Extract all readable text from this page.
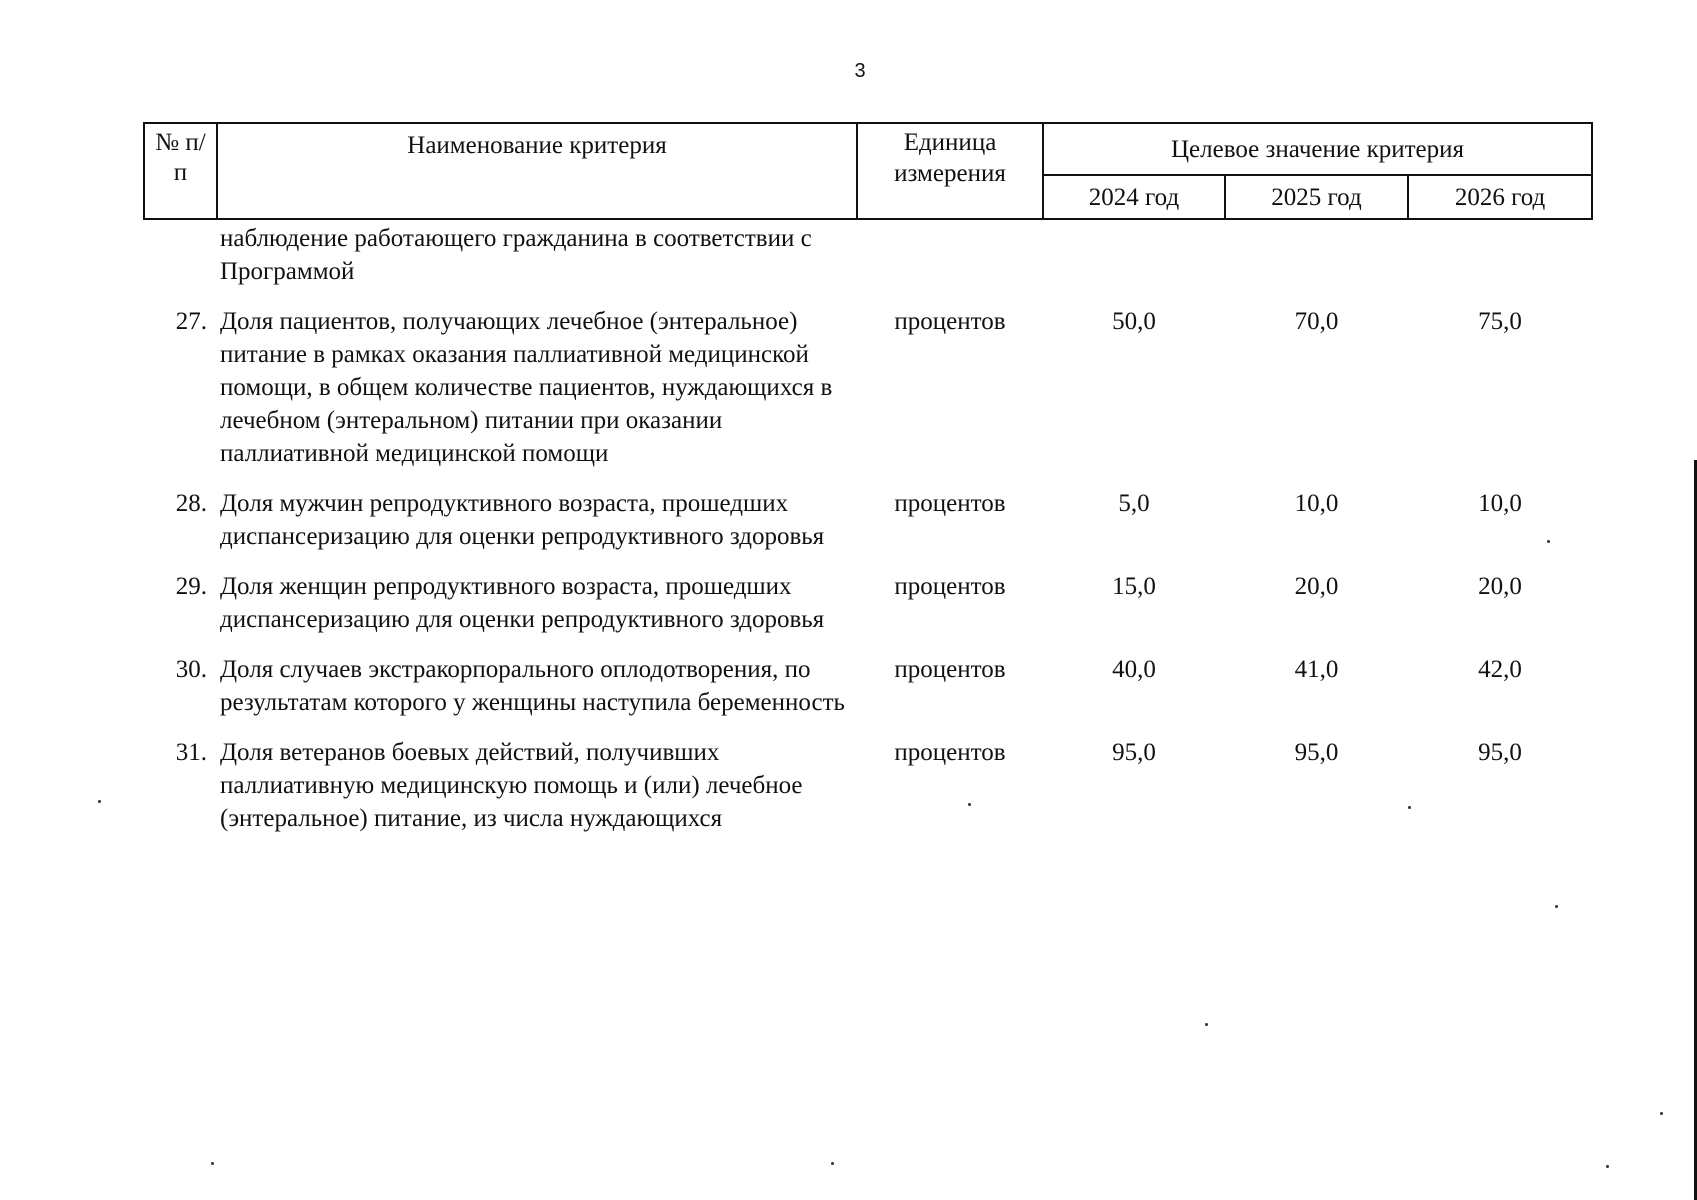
3
№ п/п	Наименование критерия	Единица измерения	Целевое значение критерия		
			2024 год	2025 год	2026 год
	наблюдение работающего гражданина в соответствии с Программой				
27.	Доля пациентов, получающих лечебное (энтеральное) питание в рамках оказания паллиативной медицинской помощи, в общем количестве пациентов, нуждающихся в лечебном (энтеральном) питании при оказании паллиативной медицинской помощи	процентов	50,0	70,0	75,0
28.	Доля мужчин репродуктивного возраста, прошедших диспансеризацию для оценки репродуктивного здоровья	процентов	5,0	10,0	10,0
29.	Доля женщин репродуктивного возраста, прошедших диспансеризацию для оценки репродуктивного здоровья	процентов	15,0	20,0	20,0
30.	Доля случаев экстракорпорального оплодотворения, по результатам которого у женщины наступила беременность	процентов	40,0	41,0	42,0
31.	Доля ветеранов боевых действий, получивших паллиативную медицинскую помощь и (или) лечебное (энтеральное) питание, из числа нуждающихся	процентов	95,0	95,0	95,0
